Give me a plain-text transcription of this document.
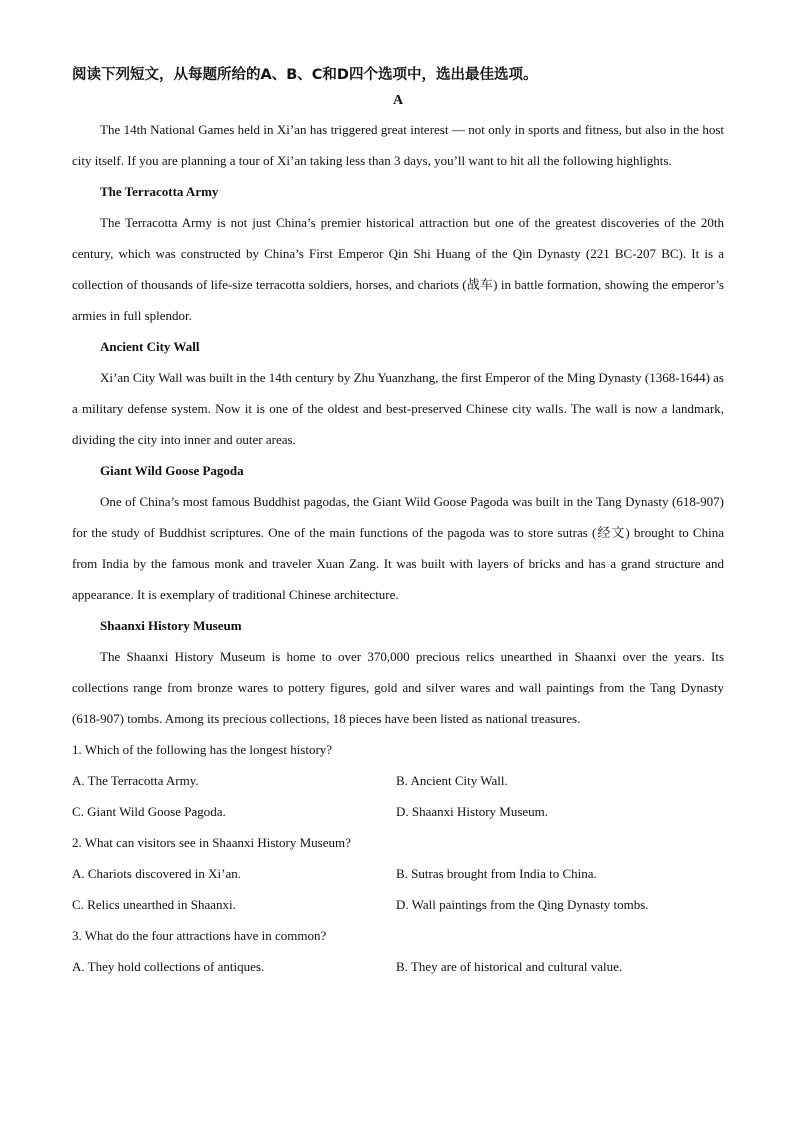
阅读下列短文，从每题所给的A、B、C和D四个选项中，选出最佳选项。
A

The 14th National Games held in Xi’an has triggered great interest — not only in sports and fitness, but also in the host city itself. If you are planning a tour of Xi’an taking less than 3 days, you’ll want to hit all the following highlights.

The Terracotta Army

The Terracotta Army is not just China’s premier historical attraction but one of the greatest discoveries of the 20th century, which was constructed by China’s First Emperor Qin Shi Huang of the Qin Dynasty (221 BC-207 BC). It is a collection of thousands of life-size terracotta soldiers, horses, and chariots (战车) in battle formation, showing the emperor’s armies in full splendor.

Ancient City Wall

Xi’an City Wall was built in the 14th century by Zhu Yuanzhang, the first Emperor of the Ming Dynasty (1368-1644) as a military defense system. Now it is one of the oldest and best-preserved Chinese city walls. The wall is now a landmark, dividing the city into inner and outer areas.

Giant Wild Goose Pagoda

One of China’s most famous Buddhist pagodas, the Giant Wild Goose Pagoda was built in the Tang Dynasty (618-907) for the study of Buddhist scriptures. One of the main functions of the pagoda was to store sutras (经文) brought to China from India by the famous monk and traveler Xuan Zang. It was built with layers of bricks and has a grand structure and appearance. It is exemplary of traditional Chinese architecture.

Shaanxi History Museum

The Shaanxi History Museum is home to over 370,000 precious relics unearthed in Shaanxi over the years. Its collections range from bronze wares to pottery figures, gold and silver wares and wall paintings from the Tang Dynasty (618-907) tombs. Among its precious collections, 18 pieces have been listed as national treasures.

1. Which of the following has the longest history?
A. The Terracotta Army.	B. Ancient City Wall.
C. Giant Wild Goose Pagoda.	D. Shaanxi History Museum.
2. What can visitors see in Shaanxi History Museum?
A. Chariots discovered in Xi’an.	B. Sutras brought from India to China.
C. Relics unearthed in Shaanxi.	D. Wall paintings from the Qing Dynasty tombs.
3. What do the four attractions have in common?
A. They hold collections of antiques.	B. They are of historical and cultural value.
